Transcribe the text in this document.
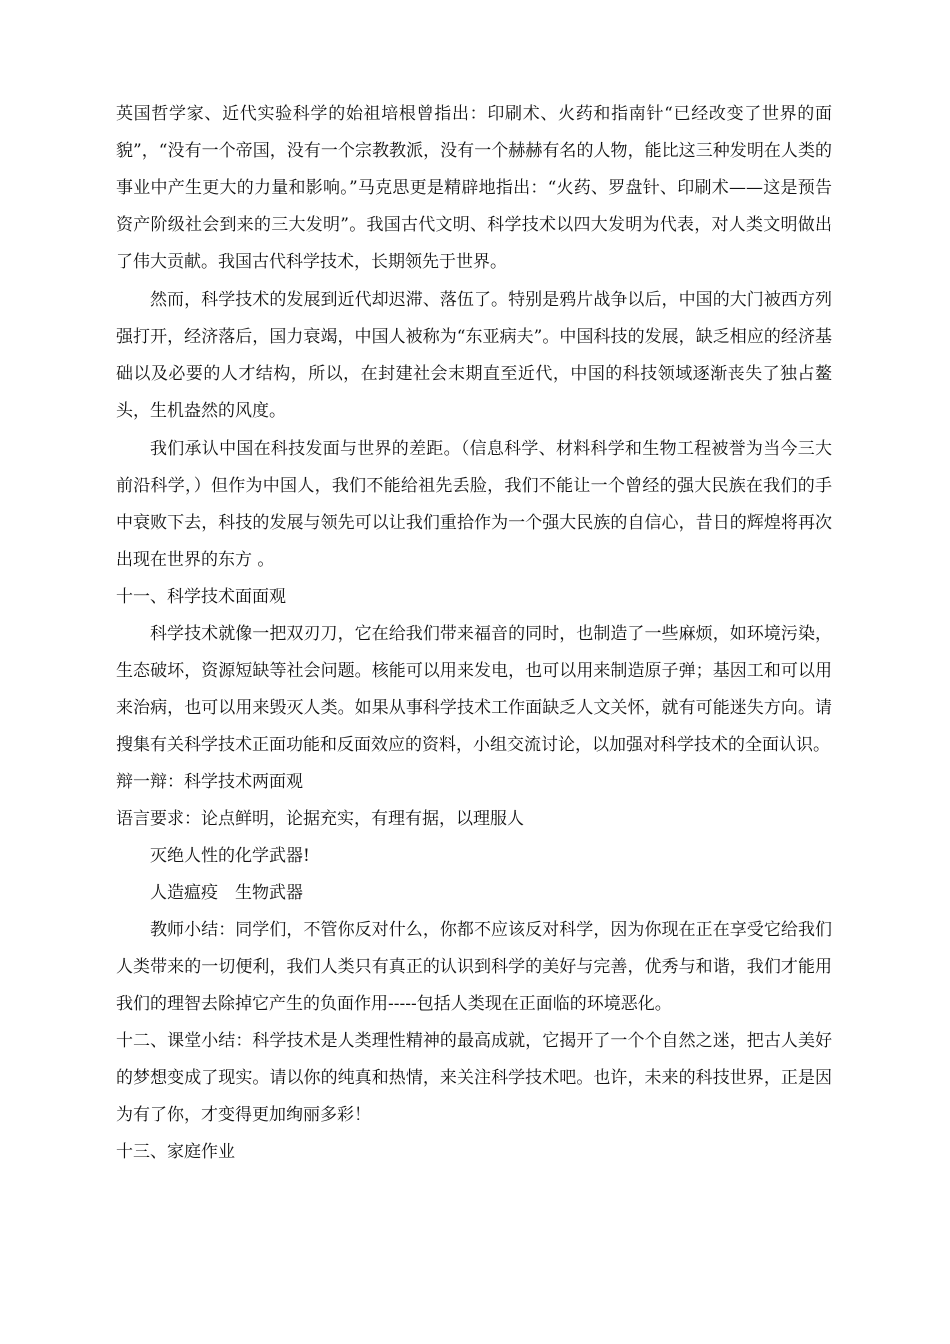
英国哲学家、近代实验科学的始祖培根曾指出：印刷术、火药和指南针“已经改变了世界的面貌”，“没有一个帝国，没有一个宗教教派，没有一个赫赫有名的人物，能比这三种发明在人类的事业中产生更大的力量和影响。”马克思更是精辟地指出：“火药、罗盘针、印刷术——这是预告资产阶级社会到来的三大发明”。我国古代文明、科学技术以四大发明为代表，对人类文明做出了伟大贡献。我国古代科学技术，长期领先于世界。

然而，科学技术的发展到近代却迟滞、落伍了。特别是鸦片战争以后，中国的大门被西方列强打开，经济落后，国力衰竭，中国人被称为“东亚病夫”。中国科技的发展，缺乏相应的经济基础以及必要的人才结构，所以，在封建社会末期直至近代，中国的科技领域逐渐丧失了独占鳌头，生机盎然的风度。

我们承认中国在科技发面与世界的差距。（信息科学、材料科学和生物工程被誉为当今三大前沿科学，）但作为中国人，我们不能给祖先丢脸，我们不能让一个曾经的强大民族在我们的手中衰败下去，科技的发展与领先可以让我们重拾作为一个强大民族的自信心，昔日的辉煌将再次出现在世界的东方 。

十一、科学技术面面观

科学技术就像一把双刃刀，它在给我们带来福音的同时，也制造了一些麻烦，如环境污染，生态破坏，资源短缺等社会问题。核能可以用来发电，也可以用来制造原子弹；基因工和可以用来治病，也可以用来毁灭人类。如果从事科学技术工作面缺乏人文关怀，就有可能迷失方向。请搜集有关科学技术正面功能和反面效应的资料，小组交流讨论，以加强对科学技术的全面认识。

辩一辩：科学技术两面观

语言要求：论点鲜明，论据充实，有理有据，以理服人

灭绝人性的化学武器!

人造瘟疫　生物武器

教师小结：同学们，不管你反对什么，你都不应该反对科学，因为你现在正在享受它给我们人类带来的一切便利，我们人类只有真正的认识到科学的美好与完善，优秀与和谐，我们才能用我们的理智去除掉它产生的负面作用-----包括人类现在正面临的环境恶化。

十二、课堂小结：科学技术是人类理性精神的最高成就，它揭开了一个个自然之迷，把古人美好的梦想变成了现实。请以你的纯真和热情，来关注科学技术吧。也许，未来的科技世界，正是因为有了你，才变得更加绚丽多彩！

十三、家庭作业
